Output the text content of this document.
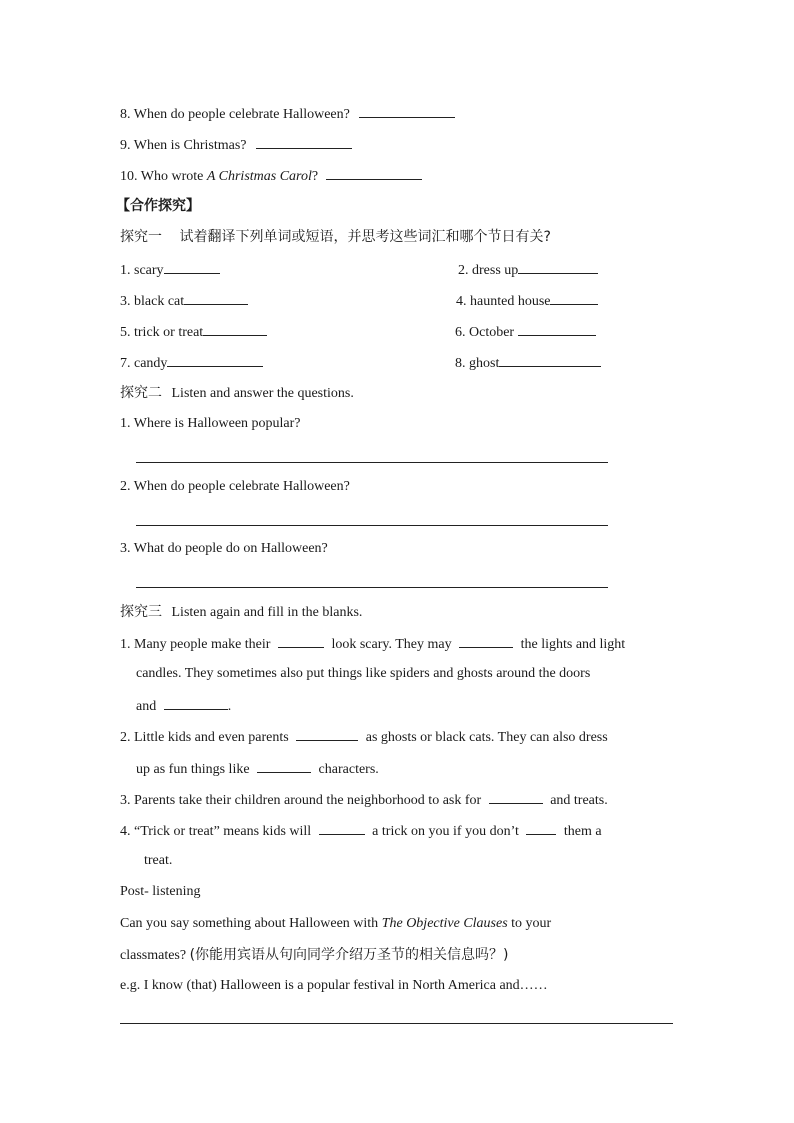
8. When do people celebrate Halloween?
9. When is Christmas?
10. Who wrote A Christmas Carol?
【合作探究】
探究一 试着翻译下列单词或短语，并思考这些词汇和哪个节日有关?
1. scary	2. dress up
3. black cat	4. haunted house
5. trick or treat	6. October
7. candy	8. ghost
探究二 Listen and answer the questions.
1. Where is Halloween popular?
2. When do people celebrate Halloween?
3. What do people do on Halloween?
探究三 Listen again and fill in the blanks.
1. Many people make their	look scary. They may	the lights and light
candles. They sometimes also put things like spiders and ghosts around the doors
and	.
2. Little kids and even parents	as ghosts or black cats. They can also dress
up as fun things like	characters.
3. Parents take their children around the neighborhood to ask for	and treats.
4. “Trick or treat” means kids will	a trick on you if you don’t	them a
treat.
Post- listening
Can you say something about Halloween with The Objective Clauses to your
classmates? (你能用宾语从句向同学介绍万圣节的相关信息吗？)
e.g. I know (that) Halloween is a popular festival in North America and……
